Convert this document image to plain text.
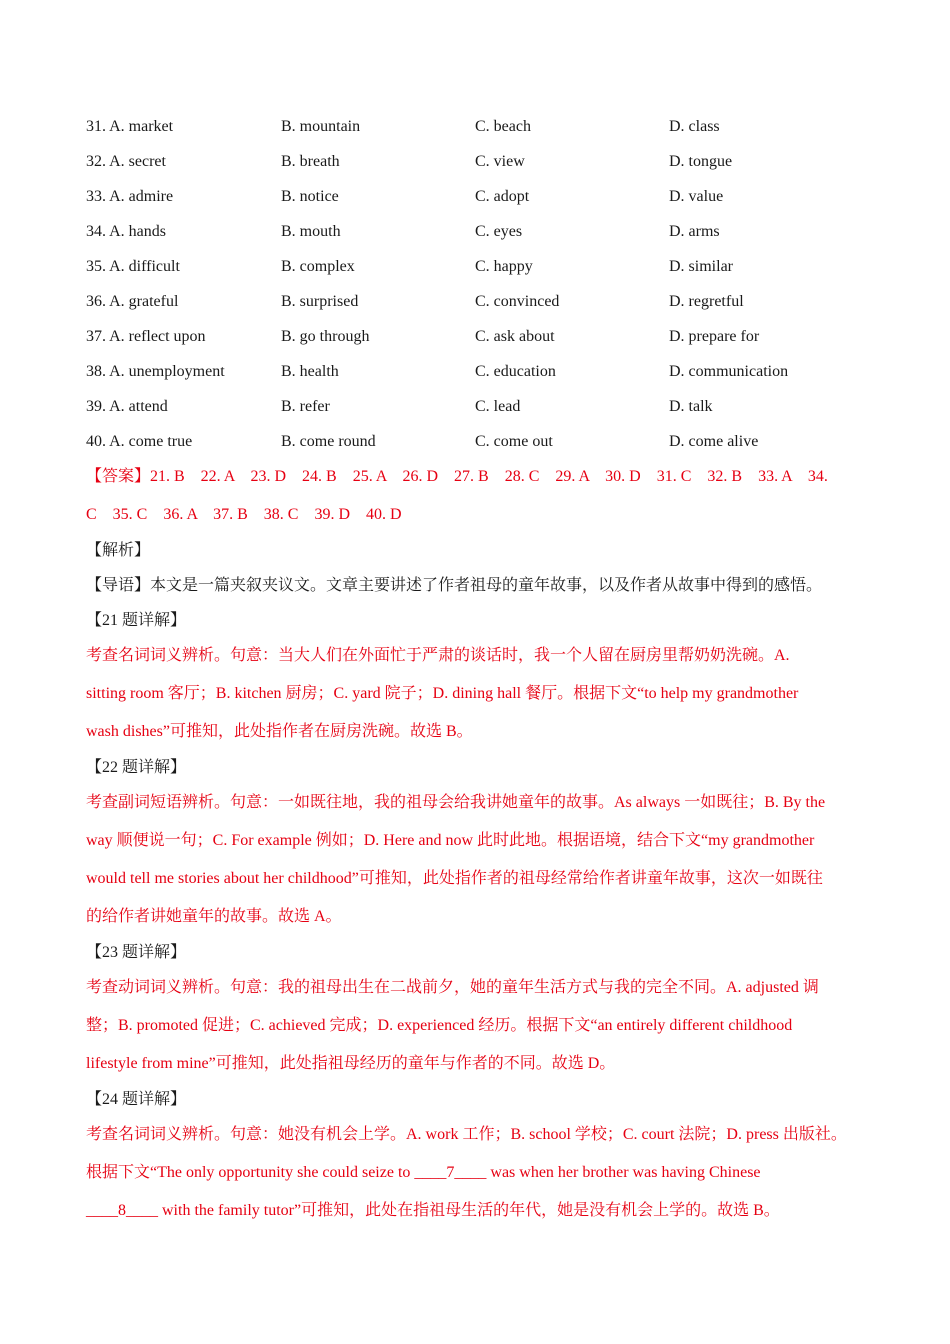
31. A. market	B. mountain	C. beach	D. class
32. A. secret	B. breath	C. view	D. tongue
33. A. admire	B. notice	C. adopt	D. value
34. A. hands	B. mouth	C. eyes	D. arms
35. A. difficult	B. complex	C. happy	D. similar
36. A. grateful	B. surprised	C. convinced	D. regretful
37. A. reflect upon	B. go through	C. ask about	D. prepare for
38. A. unemployment	B. health	C. education	D. communication
39. A. attend	B. refer	C. lead	D. talk
40. A. come true	B. come round	C. come out	D. come alive
【答案】21. B　22. A　23. D　24. B　25. A　26. D　27. B　28. C　29. A　30. D　31. C　32. B　33. A　34.
C　35. C　36. A　37. B　38. C　39. D　40. D
【解析】
【导语】本文是一篇夹叙夹议文。文章主要讲述了作者祖母的童年故事，以及作者从故事中得到的感悟。
【21 题详解】
考查名词词义辨析。句意：当大人们在外面忙于严肃的谈话时，我一个人留在厨房里帮奶奶洗碗。A.
sitting room 客厅；B. kitchen 厨房；C. yard 院子；D. dining hall 餐厅。根据下文“to help my grandmother
wash dishes”可推知，此处指作者在厨房洗碗。故选 B。
【22 题详解】
考查副词短语辨析。句意：一如既往地，我的祖母会给我讲她童年的故事。As always 一如既往；B. By the
way 顺便说一句；C. For example 例如；D. Here and now 此时此地。根据语境，结合下文“my grandmother
would tell me stories about her childhood”可推知，此处指作者的祖母经常给作者讲童年故事，这次一如既往
的给作者讲她童年的故事。故选 A。
【23 题详解】
考查动词词义辨析。句意：我的祖母出生在二战前夕，她的童年生活方式与我的完全不同。A. adjusted 调
整；B. promoted 促进；C. achieved 完成；D. experienced 经历。根据下文“an entirely different childhood
lifestyle from mine”可推知，此处指祖母经历的童年与作者的不同。故选 D。
【24 题详解】
考查名词词义辨析。句意：她没有机会上学。A. work 工作；B. school 学校；C. court 法院；D. press 出版社。
根据下文“The only opportunity she could seize to ____7____ was when her brother was having Chinese
____8____ with the family tutor”可推知，此处在指祖母生活的年代，她是没有机会上学的。故选 B。
